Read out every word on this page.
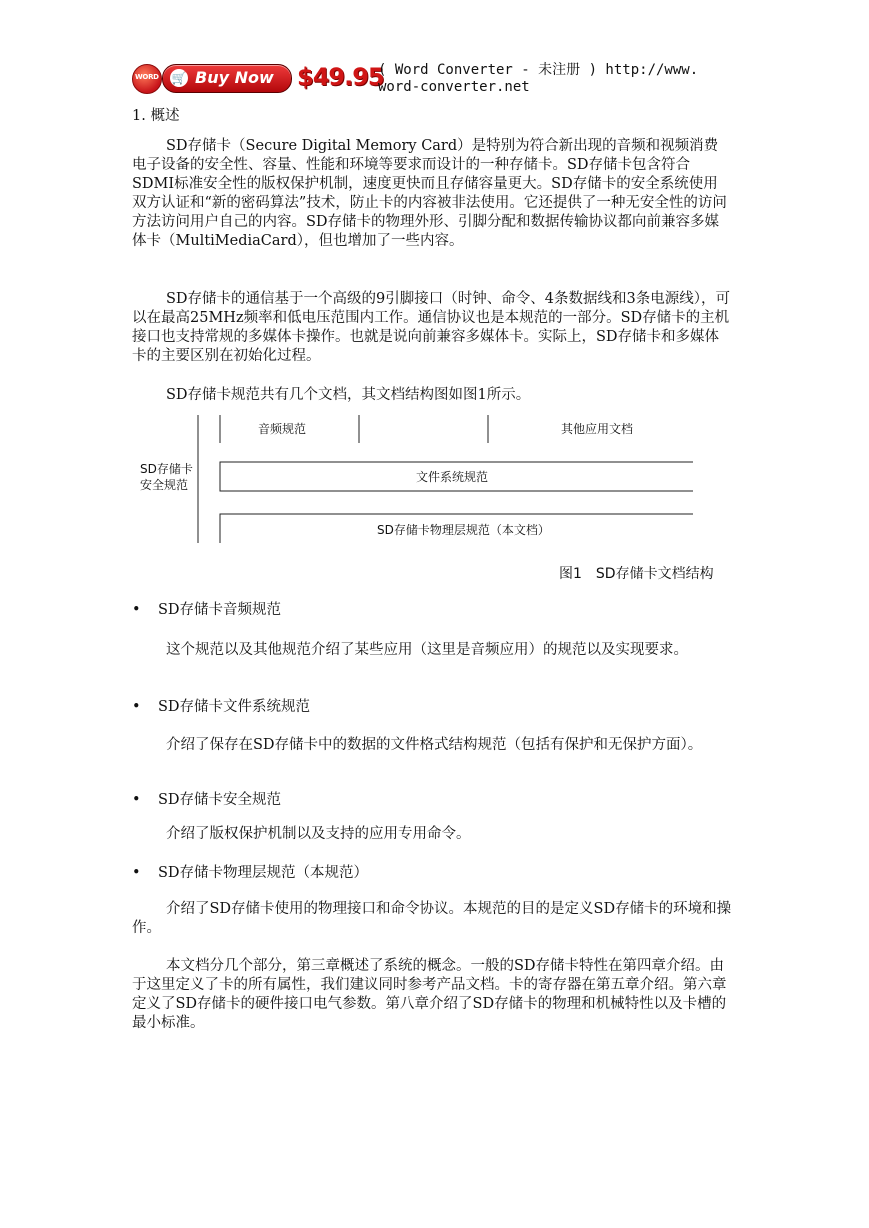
WORD 🛒 Buy Now $49.95
( Word Converter - 未注册 ) http://www.
word-converter.net
1. 概述
SD存储卡（Secure Digital Memory Card）是特别为符合新出现的音频和视频消费电子设备的安全性、容量、性能和环境等要求而设计的一种存储卡。SD存储卡包含符合SDMI标准安全性的版权保护机制，速度更快而且存储容量更大。SD存储卡的安全系统使用双方认证和“新的密码算法”技术，防止卡的内容被非法使用。它还提供了一种无安全性的访问方法访问用户自己的内容。SD存储卡的物理外形、引脚分配和数据传输协议都向前兼容多媒体卡（MultiMediaCard），但也增加了一些内容。
SD存储卡的通信基于一个高级的9引脚接口（时钟、命令、4条数据线和3条电源线），可以在最高25MHz频率和低电压范围内工作。通信协议也是本规范的一部分。SD存储卡的主机接口也支持常规的多媒体卡操作。也就是说向前兼容多媒体卡。实际上，SD存储卡和多媒体卡的主要区别在初始化过程。
SD存储卡规范共有几个文档，其文档结构图如图1所示。
SD存储卡
安全规范
音频规范	其他应用文档
文件系统规范
SD存储卡物理层规范（本文档）
图1　SD存储卡文档结构
• SD存储卡音频规范
这个规范以及其他规范介绍了某些应用（这里是音频应用）的规范以及实现要求。
• SD存储卡文件系统规范
介绍了保存在SD存储卡中的数据的文件格式结构规范（包括有保护和无保护方面）。
• SD存储卡安全规范
介绍了版权保护机制以及支持的应用专用命令。
• SD存储卡物理层规范（本规范）
介绍了SD存储卡使用的物理接口和命令协议。本规范的目的是定义SD存储卡的环境和操作。
本文档分几个部分，第三章概述了系统的概念。一般的SD存储卡特性在第四章介绍。由于这里定义了卡的所有属性，我们建议同时参考产品文档。卡的寄存器在第五章介绍。第六章定义了SD存储卡的硬件接口电气参数。第八章介绍了SD存储卡的物理和机械特性以及卡槽的最小标准。
